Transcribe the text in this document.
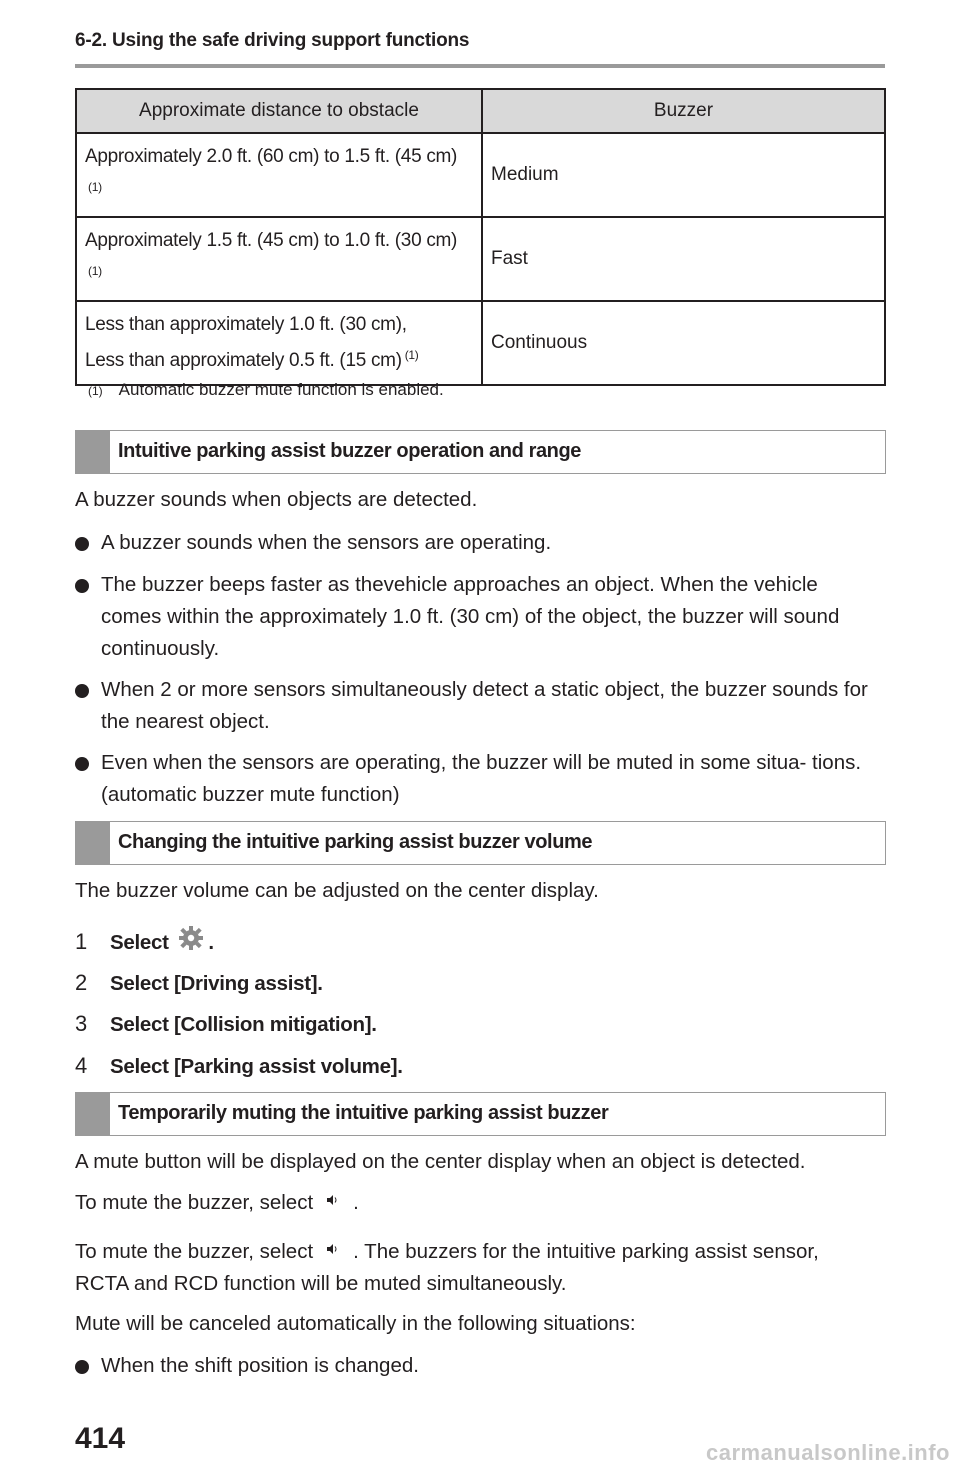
6-2. Using the safe driving support functions
Approximate distance to obstacle	Buzzer
Approximately 2.0 ft. (60 cm) to 1.5 ft. (45 cm)$^{(1)}$	Medium
Approximately 1.5 ft. (45 cm) to 1.0 ft. (30 cm)$^{(1)}$	Fast
Less than approximately 1.0 ft. (30 cm),
Less than approximately 0.5 ft. (15 cm) $^{(1)}$	Continuous
(1) Automatic buzzer mute function is enabled.
Intuitive parking assist buzzer operation and range
A buzzer sounds when objects are detected.
A buzzer sounds when the sensors are operating.
The buzzer beeps faster as thevehicle approaches an object. When the vehicle comes within the approximately 1.0 ft. (30 cm) of the object, the buzzer will sound continuously.
When 2 or more sensors simultaneously detect a static object, the buzzer sounds for the nearest object.
Even when the sensors are operating, the buzzer will be muted in some situa- tions. (automatic buzzer mute function)
Changing the intuitive parking assist buzzer volume
The buzzer volume can be adjusted on the center display.
1 Select .
2 Select [Driving assist].
3 Select [Collision mitigation].
4 Select [Parking assist volume].
Temporarily muting the intuitive parking assist buzzer
A mute button will be displayed on the center display when an object is detected.
To mute the buzzer, select .
To mute the buzzer, select . The buzzers for the intuitive parking assist sensor,
RCTA and RCD function will be muted simultaneously.
Mute will be canceled automatically in the following situations:
When the shift position is changed.
414	carmanualsonline.info
